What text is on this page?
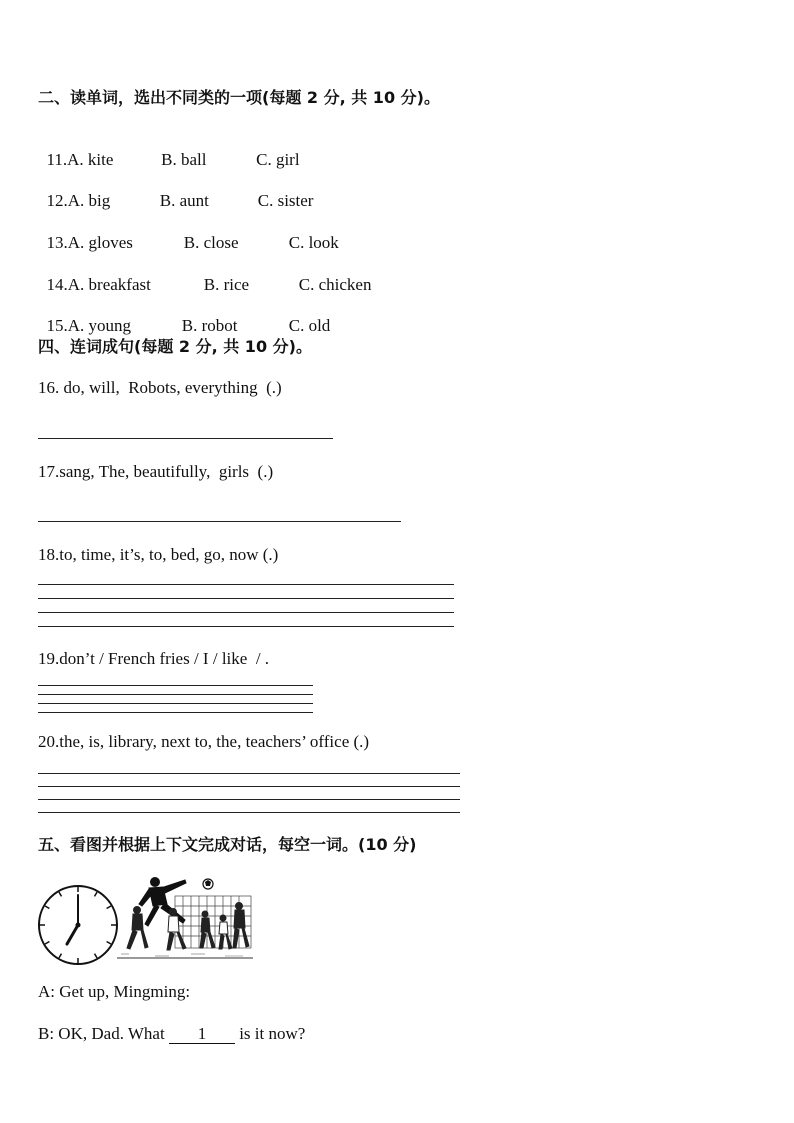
二、读单词，选出不同类的一项(每题 2 分, 共 10 分)。

11.A. kite	B. ball	C. girl

12.A. big	B. aunt	C. sister

13.A. gloves	B. close	C. look

14.A. breakfast	B. rice	C. chicken

15.A. young	B. robot	C. old

四、连词成句(每题 2 分, 共 10 分)。
16. do, will,  Robots, everything  (.)
17.sang, The, beautifully,  girls  (.)
18.to, time, it’s, to, bed, go, now (.)
19.don’t / French fries / I / like  / .
20.the, is, library, next to, the, teachers’ office (.)
五、看图并根据上下文完成对话，每空一词。(10 分)
A: Get up, Mingming:
B: OK, Dad. What 1 is it now?
